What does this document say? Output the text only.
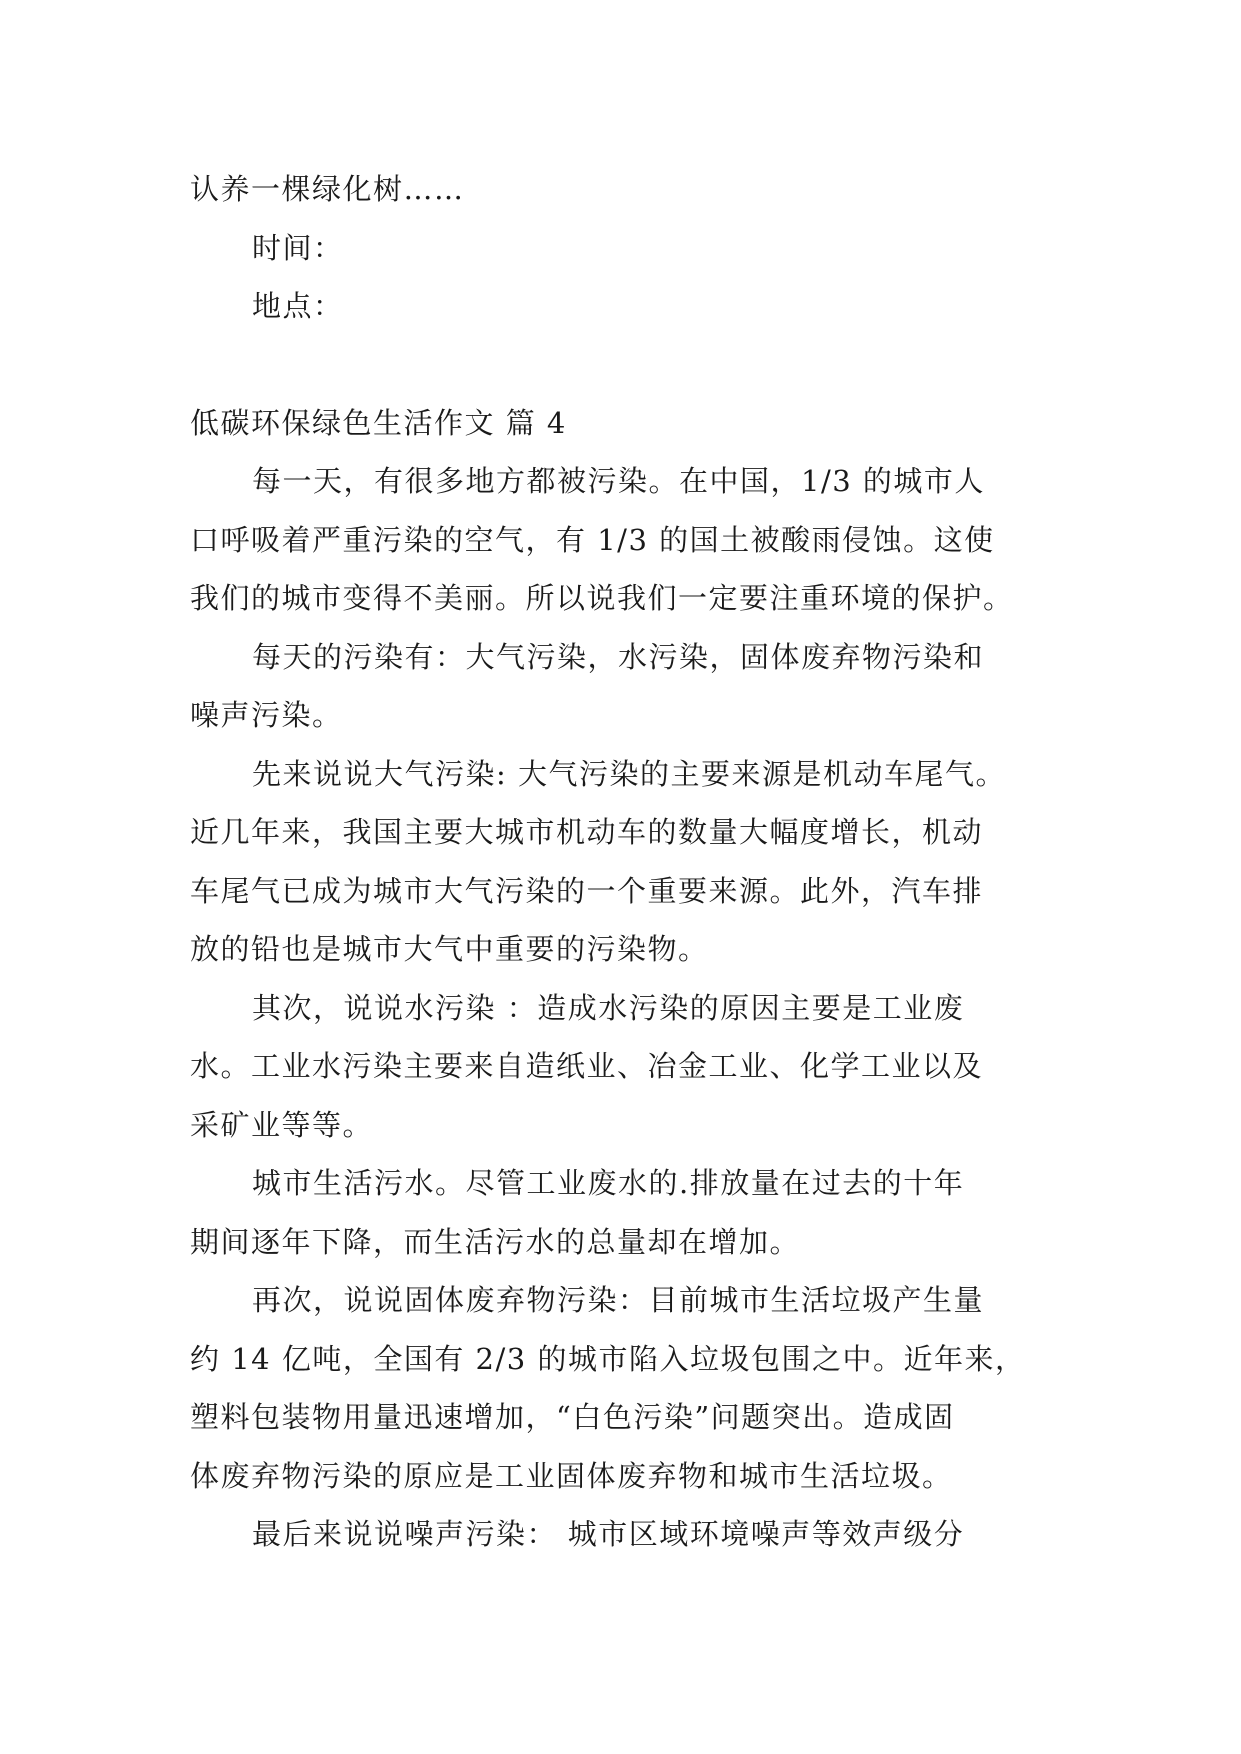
认养一棵绿化树……
时间：
地点：
低碳环保绿色生活作文 篇 4
每一天，有很多地方都被污染。在中国，1/3 的城市人
口呼吸着严重污染的空气，有 1/3 的国土被酸雨侵蚀。这使
我们的城市变得不美丽。所以说我们一定要注重环境的保护。
每天的污染有：大气污染，水污染，固体废弃物污染和
噪声污染。
先来说说大气污染: 大气污染的主要来源是机动车尾气。
近几年来，我国主要大城市机动车的数量大幅度增长，机动
车尾气已成为城市大气污染的一个重要来源。此外，汽车排
放的铅也是城市大气中重要的污染物。
其次，说说水污染 ：造成水污染的原因主要是工业废
水。工业水污染主要来自造纸业、冶金工业、化学工业以及
采矿业等等。
城市生活污水。尽管工业废水的.排放量在过去的十年
期间逐年下降，而生活污水的总量却在增加。
再次，说说固体废弃物污染：目前城市生活垃圾产生量
约 14 亿吨，全国有 2/3 的城市陷入垃圾包围之中。近年来，
塑料包装物用量迅速增加，“白色污染”问题突出。造成固
体废弃物污染的原应是工业固体废弃物和城市生活垃圾。
最后来说说噪声污染： 城市区域环境噪声等效声级分
